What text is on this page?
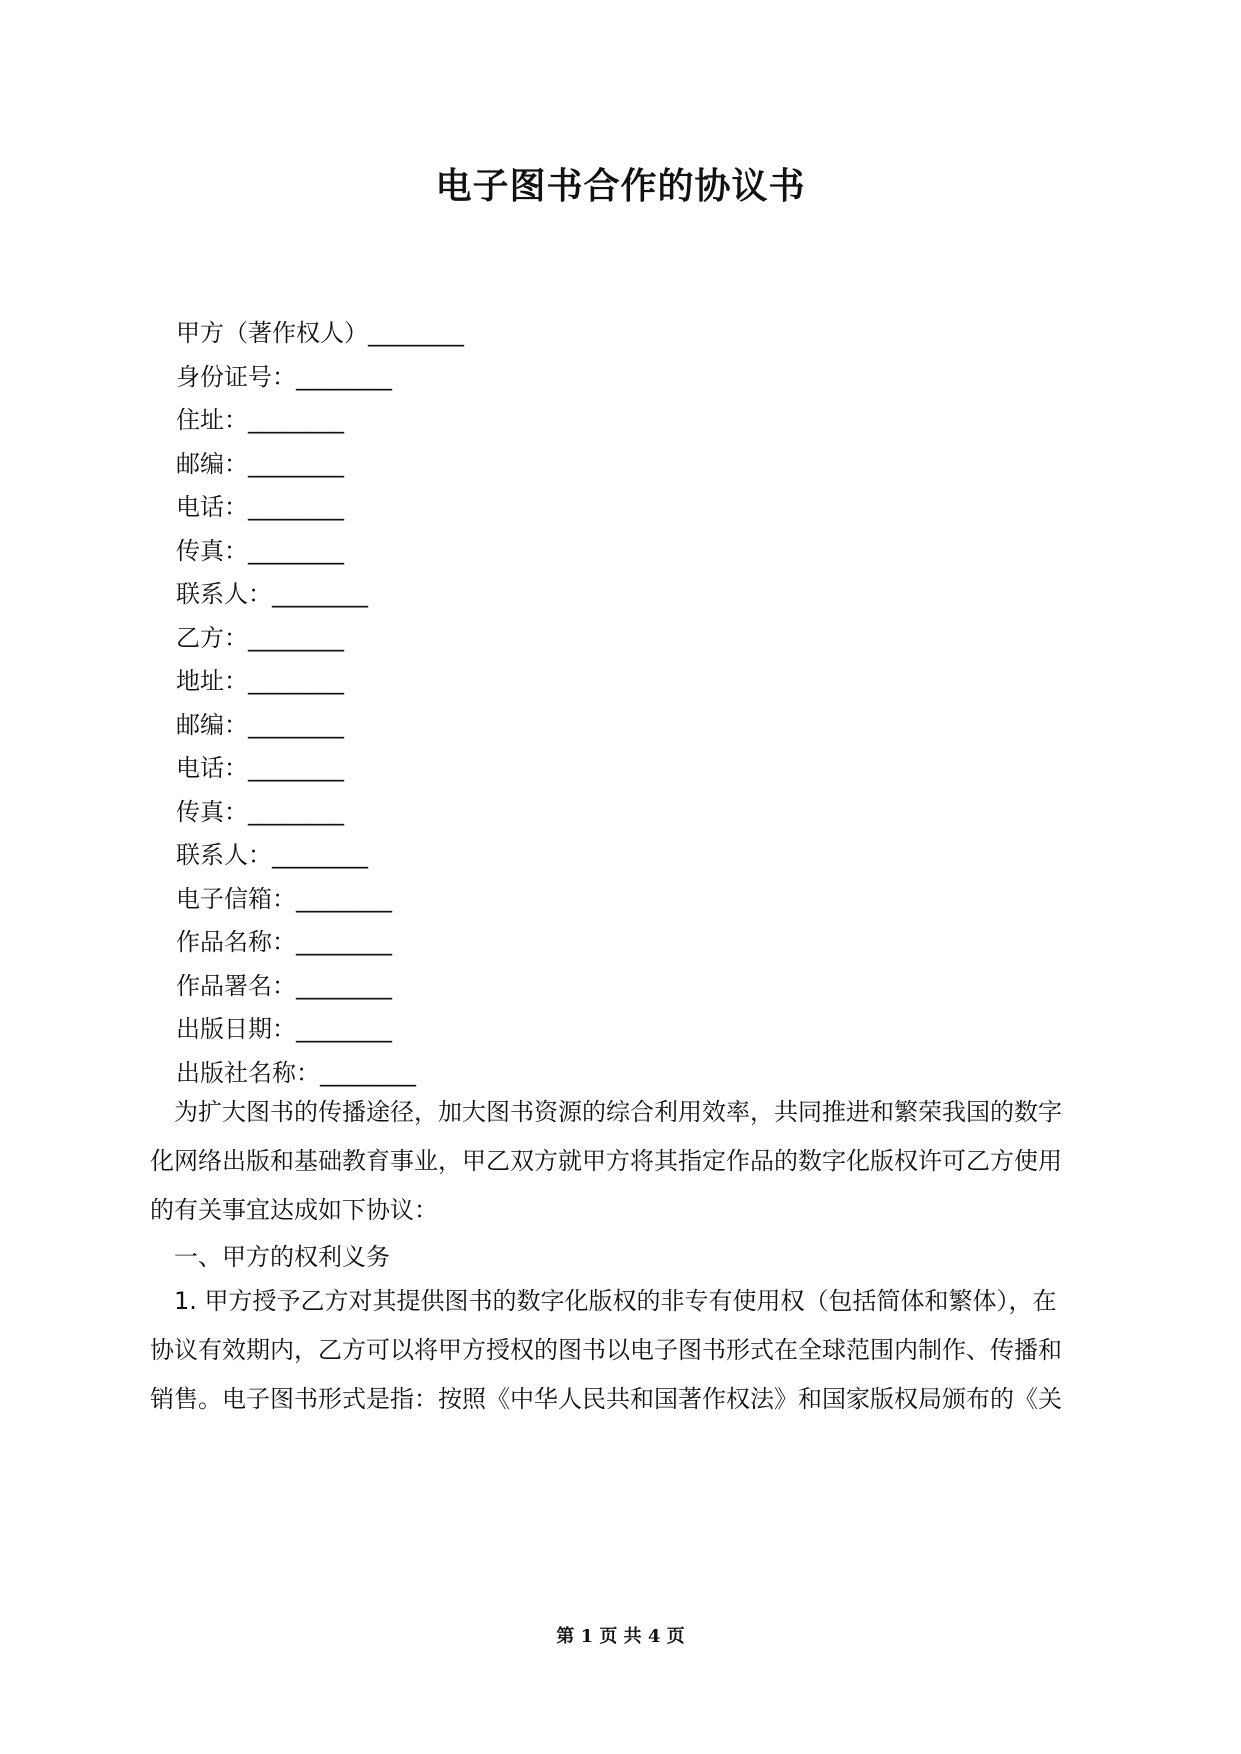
电子图书合作的协议书
甲方（著作权人）________
身份证号：________
住址：________
邮编：________
电话：________
传真：________
联系人：________
乙方：________
地址：________
邮编：________
电话：________
传真：________
联系人：________
电子信箱：________
作品名称：________
作品署名：________
出版日期：________
出版社名称：________
　为扩大图书的传播途径，加大图书资源的综合利用效率，共同推进和繁荣我国的数字
化网络出版和基础教育事业，甲乙双方就甲方将其指定作品的数字化版权许可乙方使用
的有关事宜达成如下协议：
　一、甲方的权利义务
　1. 甲方授予乙方对其提供图书的数字化版权的非专有使用权（包括简体和繁体），在
协议有效期内，乙方可以将甲方授权的图书以电子图书形式在全球范围内制作、传播和
销售。电子图书形式是指：按照《中华人民共和国著作权法》和国家版权局颁布的《关
第 1 页 共 4 页
